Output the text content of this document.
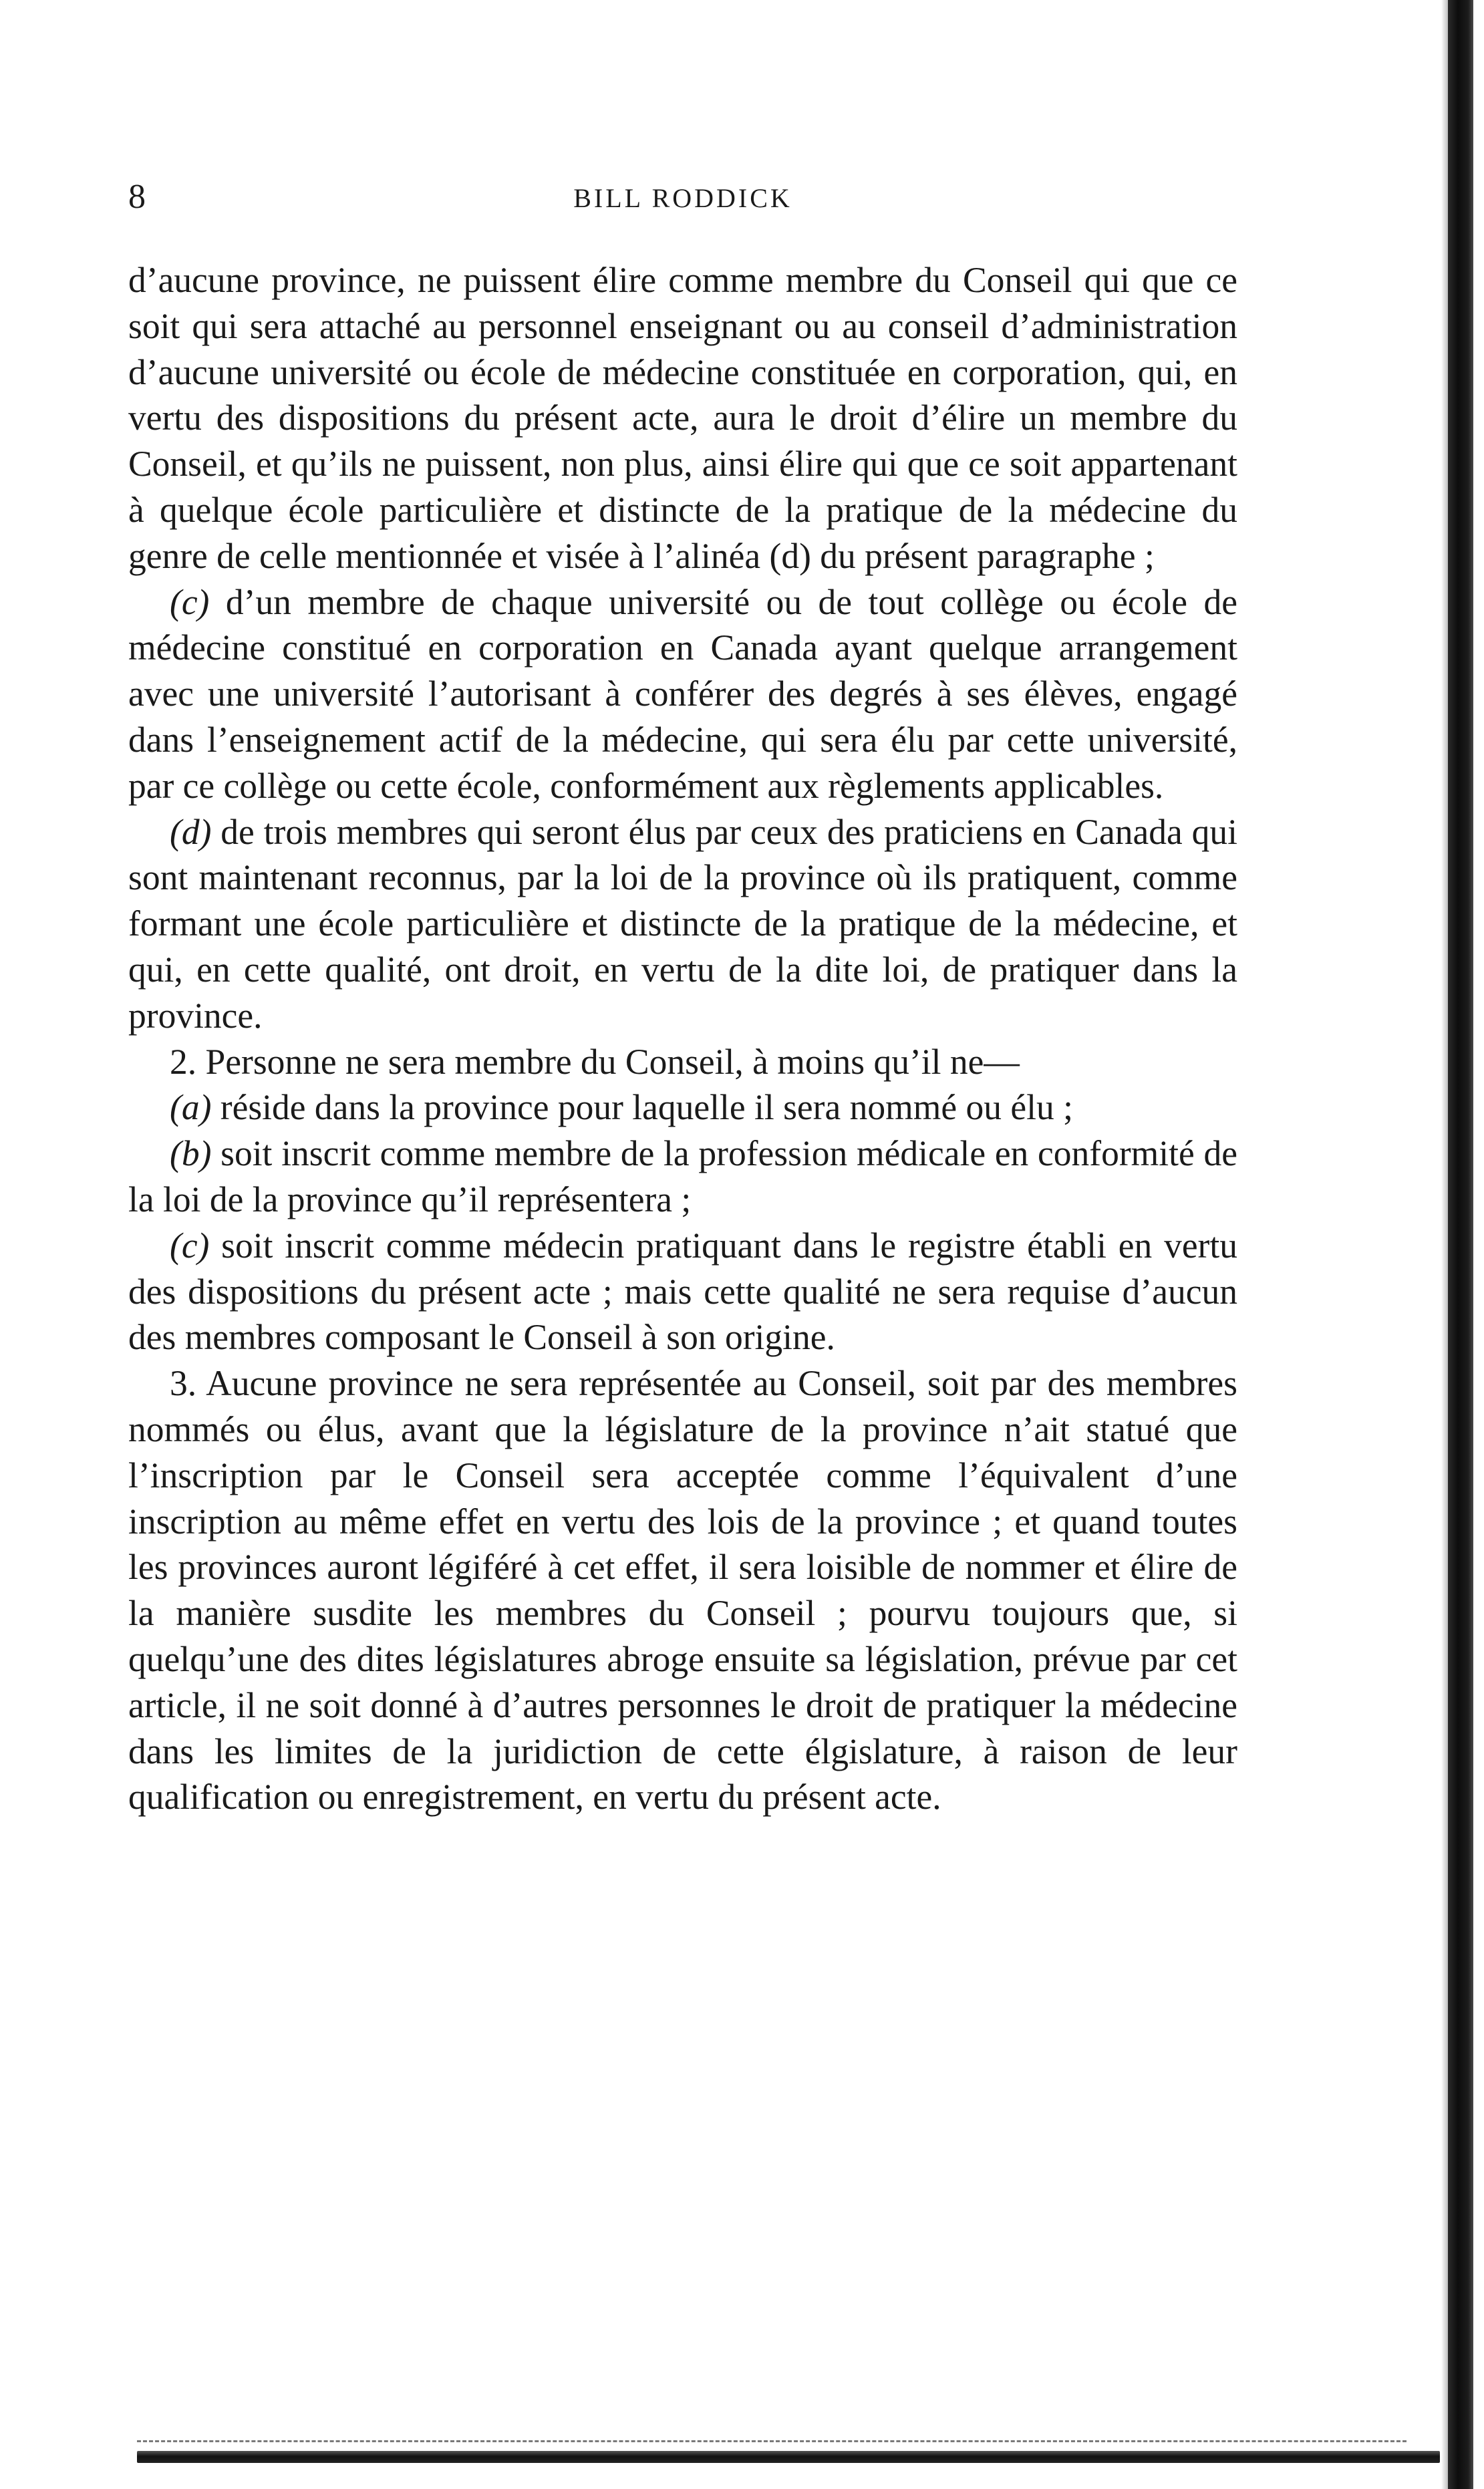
8	BILL RODDICK

d’aucune province, ne puissent élire comme membre du Conseil qui que ce soit qui sera attaché au personnel enseignant ou au conseil d’administration d’aucune université ou école de médecine constituée en corporation, qui, en vertu des dispositions du présent acte, aura le droit d’élire un membre du Conseil, et qu’ils ne puissent, non plus, ainsi élire qui que ce soit appartenant à quelque école particulière et distincte de la pratique de la médecine du genre de celle mentionnée et visée à l’alinéa (d) du présent paragraphe ;

(c) d’un membre de chaque université ou de tout collège ou école de médecine constitué en corporation en Canada ayant quelque arrangement avec une université l’autorisant à conférer des degrés à ses élèves, engagé dans l’enseignement actif de la médecine, qui sera élu par cette université, par ce collège ou cette école, conformément aux règlements applicables.

(d) de trois membres qui seront élus par ceux des praticiens en Canada qui sont maintenant reconnus, par la loi de la province où ils pratiquent, comme formant une école particulière et distincte de la pratique de la médecine, et qui, en cette qualité, ont droit, en vertu de la dite loi, de pratiquer dans la province.

2. Personne ne sera membre du Conseil, à moins qu’il ne—

(a) réside dans la province pour laquelle il sera nommé ou élu ;

(b) soit inscrit comme membre de la profession médicale en conformité de la loi de la province qu’il représentera ;

(c) soit inscrit comme médecin pratiquant dans le registre établi en vertu des dispositions du présent acte ; mais cette qualité ne sera requise d’aucun des membres composant le Conseil à son origine.

3. Aucune province ne sera représentée au Conseil, soit par des membres nommés ou élus, avant que la législature de la province n’ait statué que l’inscription par le Conseil sera acceptée comme l’équivalent d’une inscription au même effet en vertu des lois de la province ; et quand toutes les provinces auront légiféré à cet effet, il sera loisible de nommer et élire de la manière susdite les membres du Conseil ; pourvu toujours que, si quelqu’une des dites législatures abroge ensuite sa législation, prévue par cet article, il ne soit donné à d’autres personnes le droit de pratiquer la médecine dans les limites de la juridiction de cette élgislature, à raison de leur qualification ou enregistrement, en vertu du présent acte.
